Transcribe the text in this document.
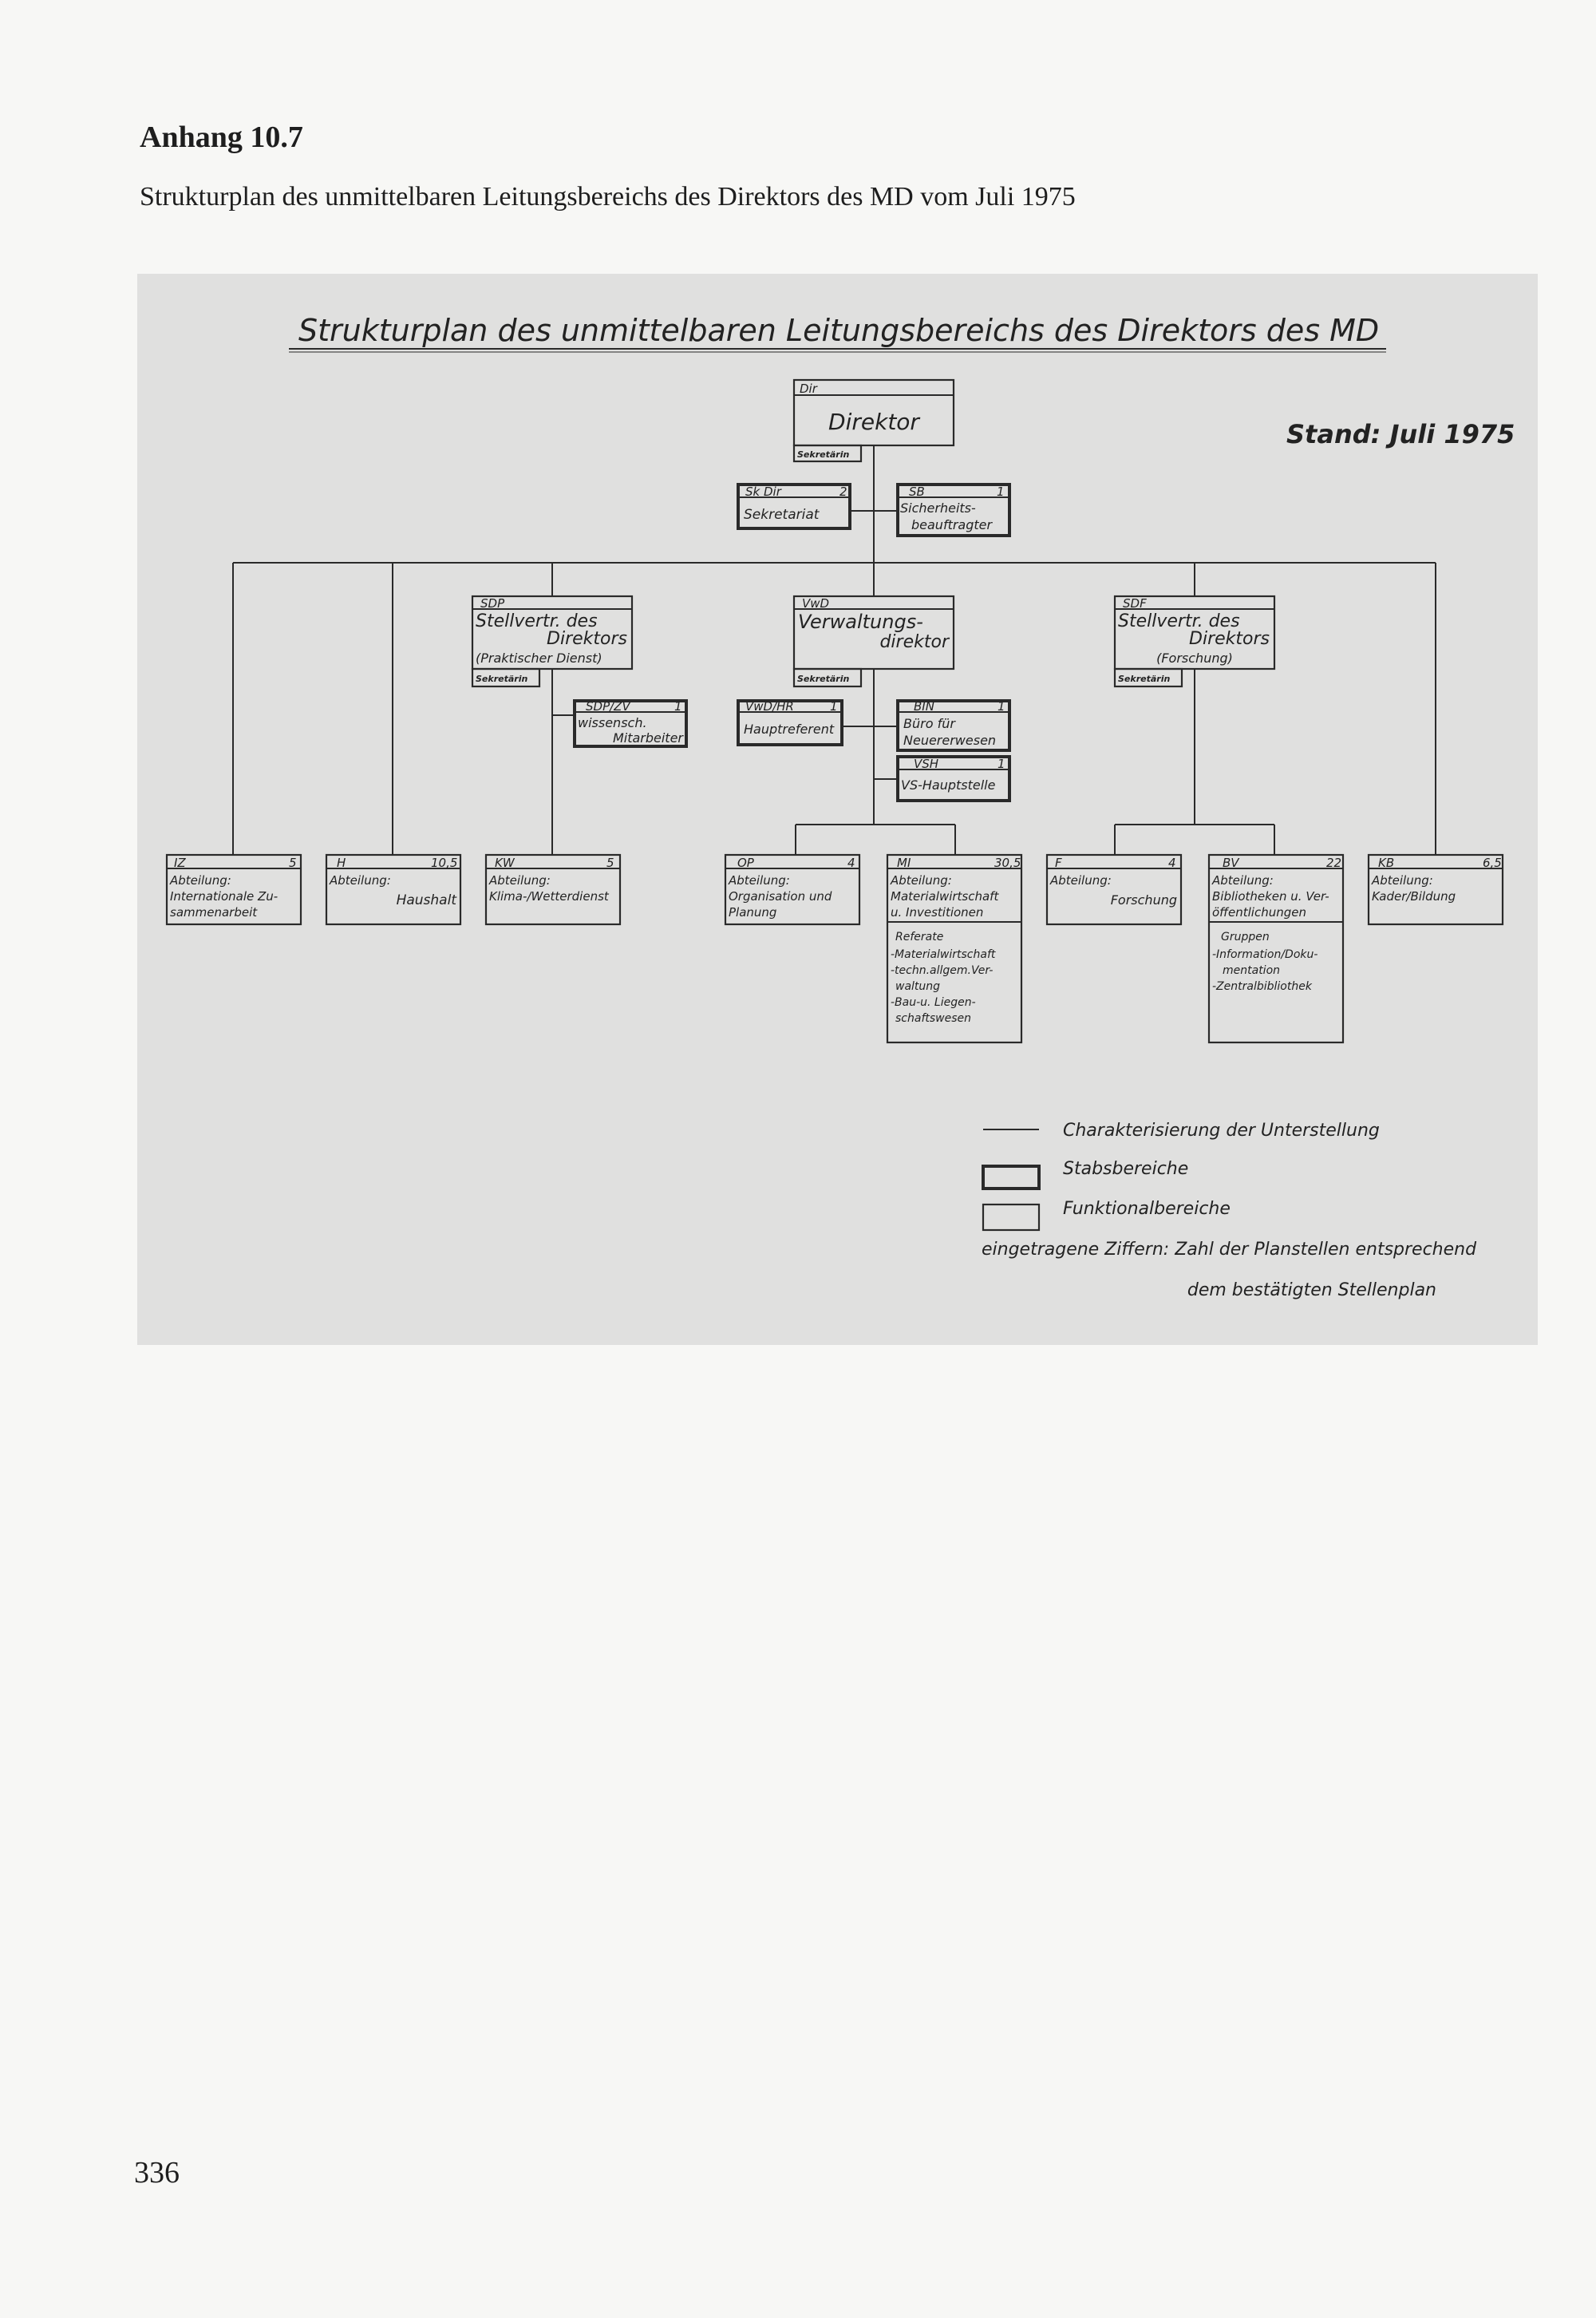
Anhang 10.7
Strukturplan des unmittelbaren Leitungsbereichs des Direktors des MD vom Juli 1975
Strukturplan des unmittelbaren Leitungsbereichs des Direktors des MD
Stand: Juli 1975
Dir
Direktor
Sekretärin
Sk Dir	2
Sekretariat
SB	1
Sicherheits-
beauftragter
SDP
Stellvertr. des
Direktors
(Praktischer Dienst)
Sekretärin
VwD
Verwaltungs-
direktor
Sekretärin
SDF
Stellvertr. des
Direktors
(Forschung)
Sekretärin
SDP/ZV	1
wissensch.
Mitarbeiter
VwD/HR	1
Hauptreferent
BIN	1
Büro für
Neuererwesen
VSH	1
VS-Hauptstelle
IZ	5
Abteilung:
Internationale Zu-
sammenarbeit
H	10,5
Abteilung:
Haushalt
KW	5
Abteilung:
Klima-/Wetterdienst
OP	4
Abteilung:
Organisation und
Planung
MI	30,5
Abteilung:
Materialwirtschaft
u. Investitionen
Referate
-Materialwirtschaft
-techn.allgem.Ver-
waltung
-Bau-u. Liegen-
schaftswesen
F	4
Abteilung:
Forschung
BV	22
Abteilung:
Bibliotheken u. Ver-
öffentlichungen
Gruppen
-Information/Doku-
mentation
-Zentralbibliothek
KB	6,5
Abteilung:
Kader/Bildung
Charakterisierung der Unterstellung
Stabsbereiche
Funktionalbereiche
eingetragene Ziffern: Zahl der Planstellen entsprechend
dem bestätigten Stellenplan
336
